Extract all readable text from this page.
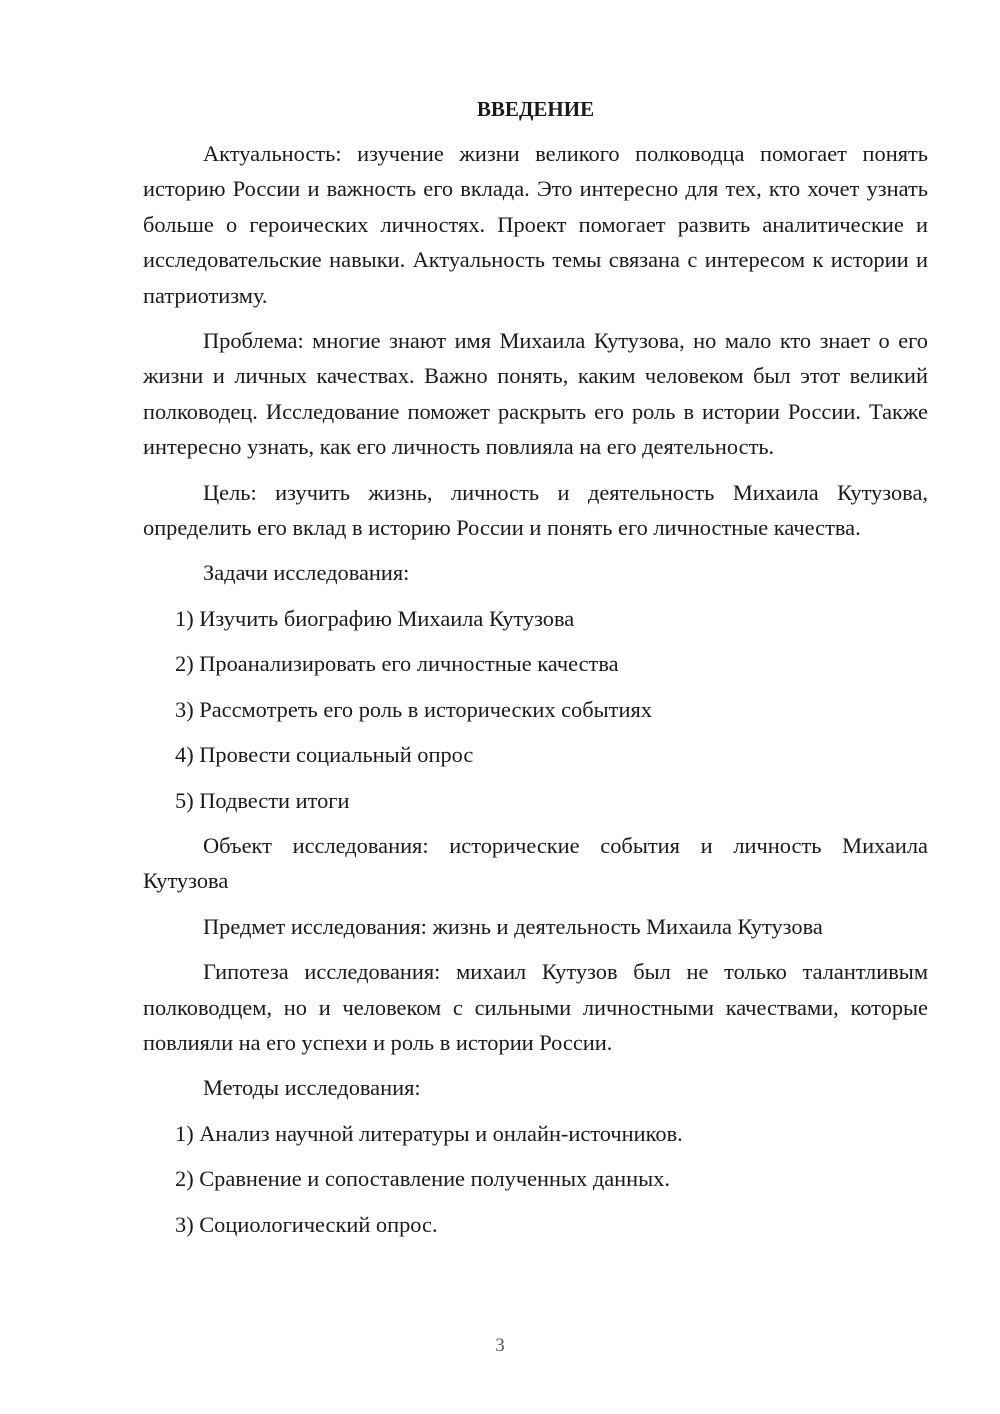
ВВЕДЕНИЕ

Актуальность: изучение жизни великого полководца помогает понять историю России и важность его вклада. Это интересно для тех, кто хочет узнать больше о героических личностях. Проект помогает развить аналитические и исследовательские навыки. Актуальность темы связана с интересом к истории и патриотизму.

Проблема: многие знают имя Михаила Кутузова, но мало кто знает о его жизни и личных качествах. Важно понять, каким человеком был этот великий полководец. Исследование поможет раскрыть его роль в истории России. Также интересно узнать, как его личность повлияла на его деятельность.

Цель: изучить жизнь, личность и деятельность Михаила Кутузова, определить его вклад в историю России и понять его личностные качества.

Задачи исследования:

1) Изучить биографию Михаила Кутузова
2) Проанализировать его личностные качества
3) Рассмотреть его роль в исторических событиях
4) Провести социальный опрос
5) Подвести итоги

Объект исследования: исторические события и личность Михаила Кутузова

Предмет исследования: жизнь и деятельность Михаила Кутузова

Гипотеза исследования: михаил Кутузов был не только талантливым полководцем, но и человеком с сильными личностными качествами, которые повлияли на его успехи и роль в истории России.

Методы исследования:

1) Анализ научной литературы и онлайн-источников.
2) Сравнение и сопоставление полученных данных.
3) Социологический опрос.
3
